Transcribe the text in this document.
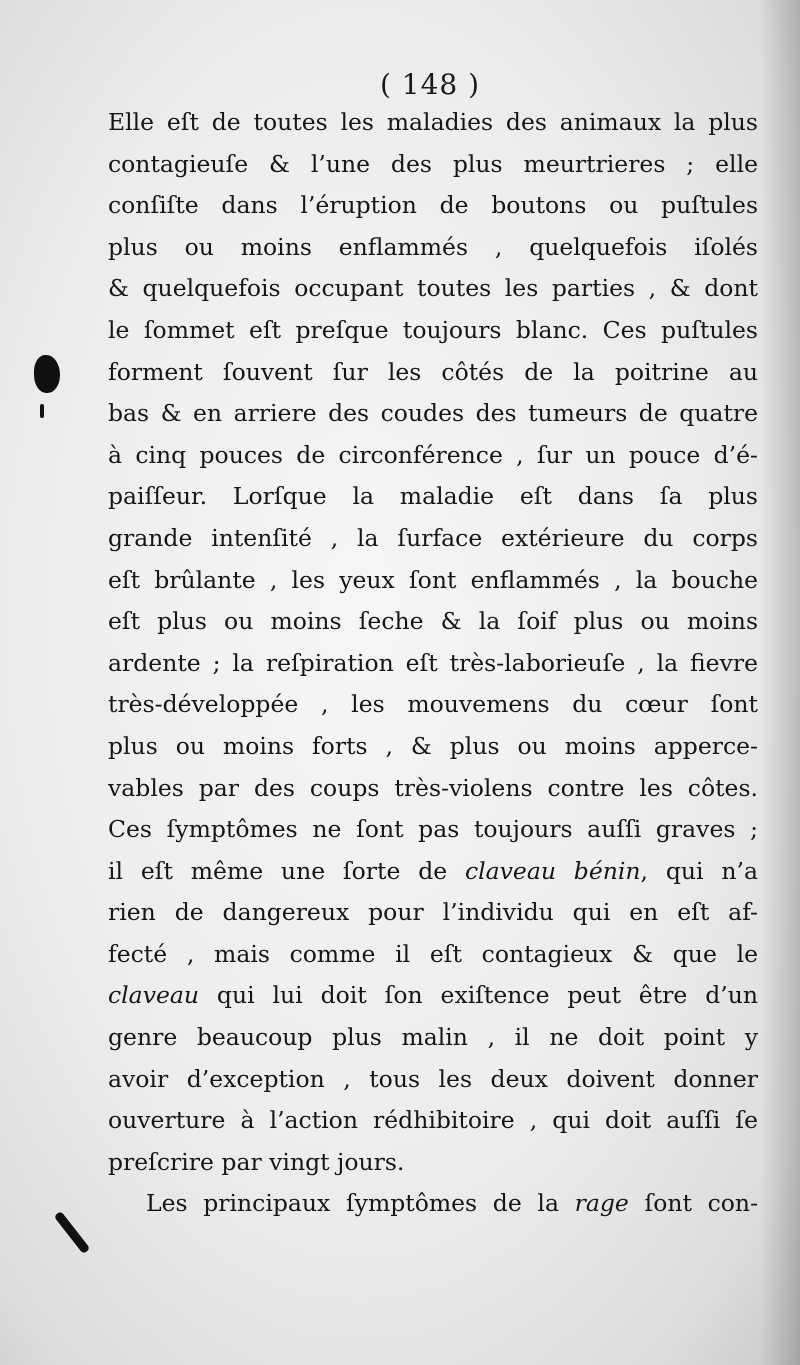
( 148 )
Elle eſt de toutes les maladies des animaux la plus
contagieuſe & l’une des plus meurtrieres ; elle
conſiſte dans l’éruption de boutons ou puſtules
plus ou moins enflammés , quelquefois iſolés
& quelquefois occupant toutes les parties , & dont
le ſommet eſt preſque toujours blanc. Ces puſtules
forment ſouvent ſur les côtés de la poitrine au
bas & en arriere des coudes des tumeurs de quatre
à cinq pouces de circonférence , ſur un pouce d’é-
paiſſeur. Lorſque la maladie eſt dans ſa plus
grande intenſité , la ſurface extérieure du corps
eſt brûlante , les yeux ſont enflammés , la bouche
eſt plus ou moins ſeche & la ſoif plus ou moins
ardente ; la reſpiration eſt très-laborieuſe , la fievre
très-développée , les mouvemens du cœur ſont
plus ou moins forts , & plus ou moins apperce-
vables par des coups très-violens contre les côtes.
Ces ſymptômes ne ſont pas toujours auſſi graves ;
il eſt même une ſorte de claveau bénin, qui n’a
rien de dangereux pour l’individu qui en eſt af-
fecté , mais comme il eſt contagieux & que le
claveau qui lui doit ſon exiſtence peut être d’un
genre beaucoup plus malin , il ne doit point y
avoir d’exception , tous les deux doivent donner
ouverture à l’action rédhibitoire , qui doit auſſi ſe
preſcrire par vingt jours.
Les principaux ſymptômes de la rage ſont con-
